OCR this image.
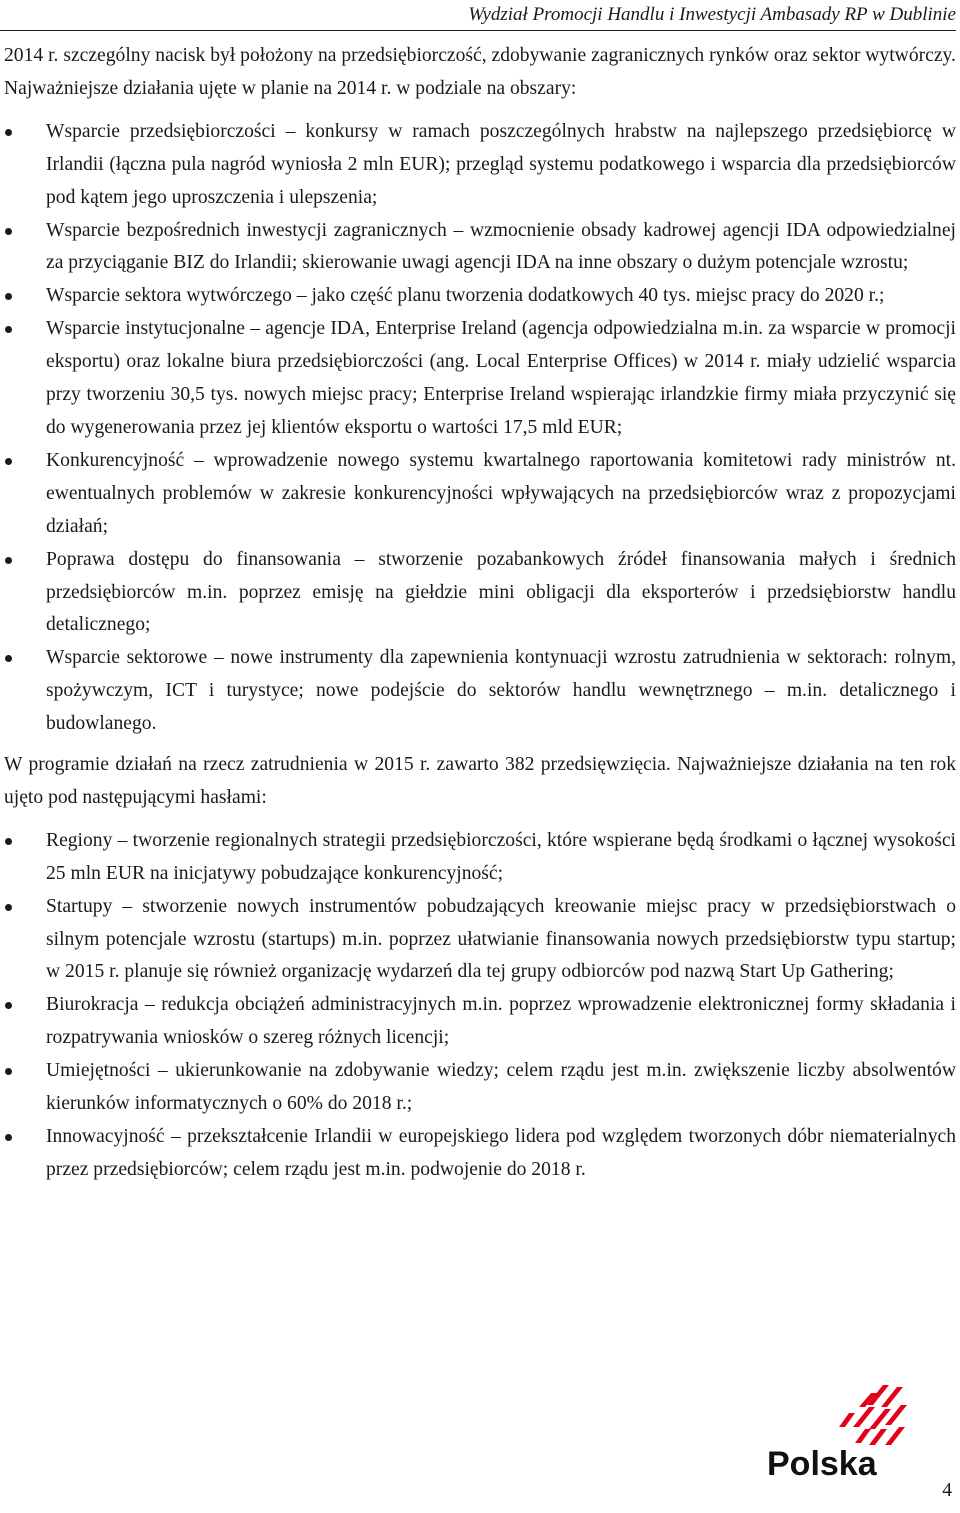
Wydział Promocji Handlu i Inwestycji Ambasady RP w Dublinie

2014 r. szczególny nacisk był położony na przedsiębiorczość, zdobywanie zagranicznych rynków oraz sektor wytwórczy.

Najważniejsze działania ujęte w planie na 2014 r. w podziale na obszary:

Wsparcie przedsiębiorczości – konkursy w ramach poszczególnych hrabstw na najlepszego przedsiębiorcę w Irlandii (łączna pula nagród wyniosła 2 mln EUR); przegląd systemu podatkowego i wsparcia dla przedsiębiorców pod kątem jego uproszczenia i ulepszenia;
Wsparcie bezpośrednich inwestycji zagranicznych – wzmocnienie obsady kadrowej agencji IDA odpowiedzialnej za przyciąganie BIZ do Irlandii; skierowanie uwagi agencji IDA na inne obszary o dużym potencjale wzrostu;
Wsparcie sektora wytwórczego – jako część planu tworzenia dodatkowych 40 tys. miejsc pracy do 2020 r.;
Wsparcie instytucjonalne – agencje IDA, Enterprise Ireland (agencja odpowiedzialna m.in. za wsparcie w promocji eksportu) oraz lokalne biura przedsiębiorczości (ang. Local Enterprise Offices) w 2014 r. miały udzielić wsparcia przy tworzeniu 30,5 tys. nowych miejsc pracy; Enterprise Ireland wspierając irlandzkie firmy miała przyczynić się do wygenerowania przez jej klientów eksportu o wartości 17,5 mld EUR;
Konkurencyjność – wprowadzenie nowego systemu kwartalnego raportowania komitetowi rady ministrów nt. ewentualnych problemów w zakresie konkurencyjności wpływających na przedsiębiorców wraz z propozycjami działań;
Poprawa dostępu do finansowania – stworzenie pozabankowych źródeł finansowania małych i średnich przedsiębiorców m.in. poprzez emisję na giełdzie mini obligacji dla eksporterów i przedsiębiorstw handlu detalicznego;
Wsparcie sektorowe – nowe instrumenty dla zapewnienia kontynuacji wzrostu zatrudnienia w sektorach: rolnym, spożywczym, ICT i turystyce; nowe podejście do sektorów handlu wewnętrznego – m.in. detalicznego i budowlanego.

W programie działań na rzecz zatrudnienia w 2015 r. zawarto 382 przedsięwzięcia. Najważniejsze działania na ten rok ujęto pod następującymi hasłami:

Regiony – tworzenie regionalnych strategii przedsiębiorczości, które wspierane będą środkami o łącznej wysokości 25 mln EUR na inicjatywy pobudzające konkurencyjność;
Startupy – stworzenie nowych instrumentów pobudzających kreowanie miejsc pracy w przedsiębiorstwach o silnym potencjale wzrostu (startups) m.in. poprzez ułatwianie finansowania nowych przedsiębiorstw typu startup; w 2015 r. planuje się również organizację wydarzeń dla tej grupy odbiorców pod nazwą Start Up Gathering;
Biurokracja – redukcja obciążeń administracyjnych m.in. poprzez wprowadzenie elektronicznej formy składania i rozpatrywania wniosków o szereg różnych licencji;
Umiejętności – ukierunkowanie na zdobywanie wiedzy; celem rządu jest m.in. zwiększenie liczby absolwentów kierunków informatycznych o 60% do 2018 r.;
Innowacyjność – przekształcenie Irlandii w europejskiego lidera pod względem tworzonych dóbr niematerialnych przez przedsiębiorców; celem rządu jest m.in. podwojenie do 2018 r.
Polska
4
